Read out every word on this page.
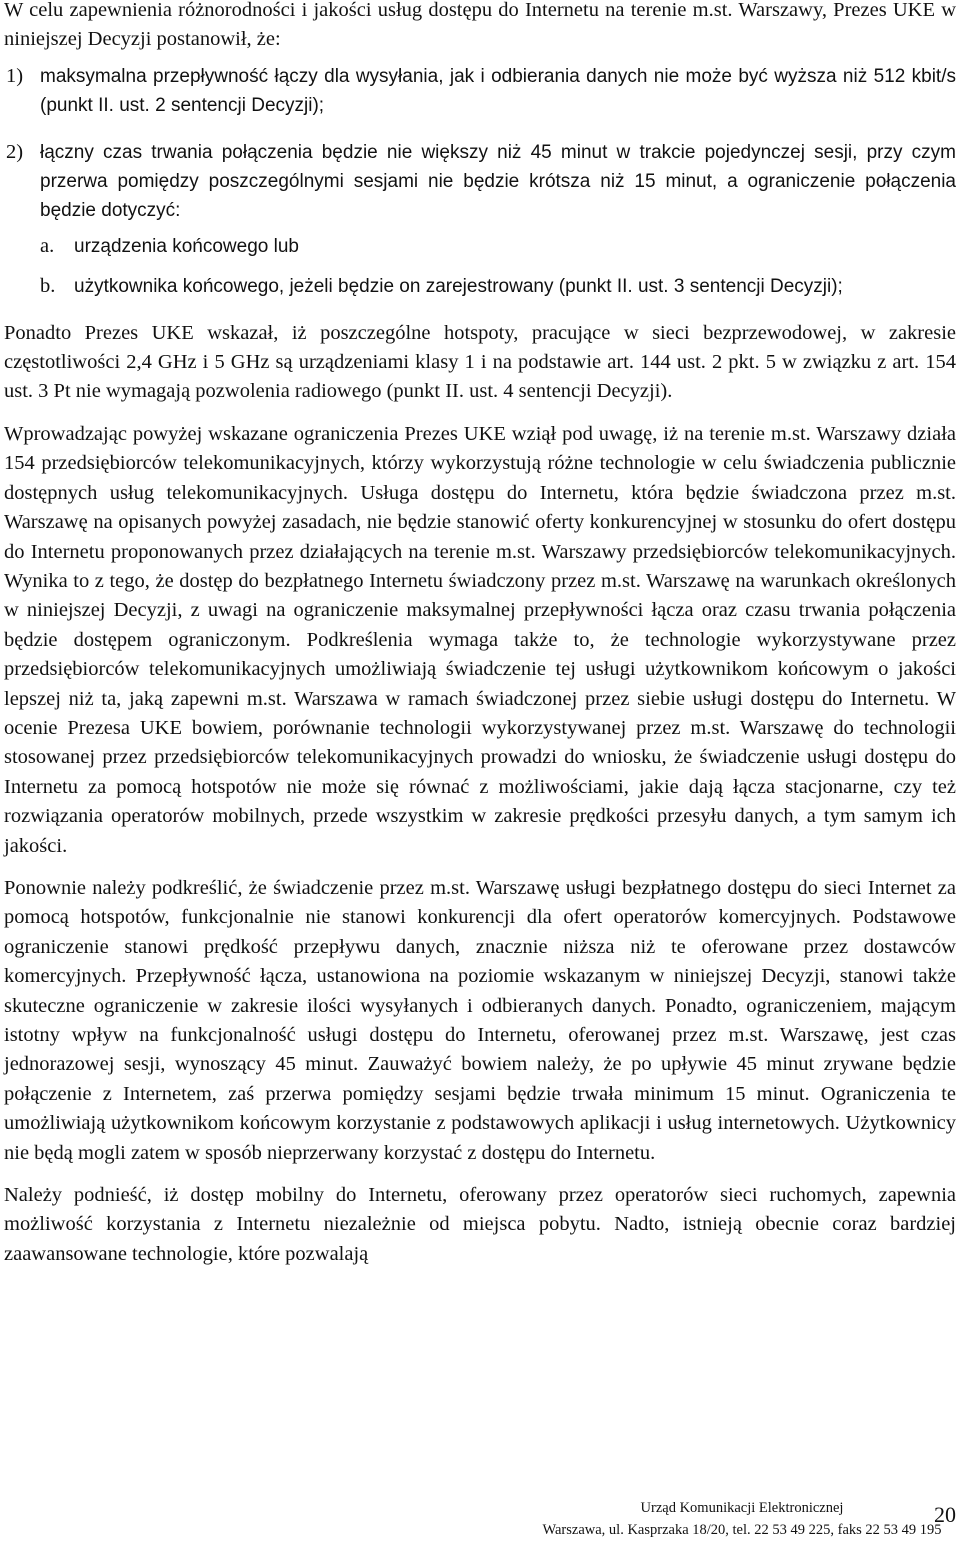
W celu zapewnienia różnorodności i jakości usług dostępu do Internetu na terenie m.st. Warszawy, Prezes UKE w niniejszej Decyzji postanowił, że:

1) maksymalna przepływność łączy dla wysyłania, jak i odbierania danych nie może być wyższa niż 512 kbit/s (punkt II. ust. 2 sentencji Decyzji);
2) łączny czas trwania połączenia będzie nie większy niż 45 minut w trakcie pojedynczej sesji, przy czym przerwa pomiędzy poszczególnymi sesjami nie będzie krótsza niż 15 minut, a ograniczenie połączenia będzie dotyczyć:
a.	urządzenia końcowego lub
b. użytkownika końcowego, jeżeli będzie on zarejestrowany (punkt II. ust. 3 sentencji Decyzji);

Ponadto Prezes UKE wskazał, iż poszczególne hotspoty, pracujące w sieci bezprzewodowej, w zakresie częstotliwości 2,4 GHz i 5 GHz są urządzeniami klasy 1 i na podstawie art. 144 ust. 2 pkt. 5 w związku z art. 154 ust. 3 Pt nie wymagają pozwolenia radiowego (punkt II. ust. 4 sentencji Decyzji).

Wprowadzając powyżej wskazane ograniczenia Prezes UKE wziął pod uwagę, iż na terenie m.st. Warszawy działa 154 przedsiębiorców telekomunikacyjnych, którzy wykorzystują różne technologie w celu świadczenia publicznie dostępnych usług telekomunikacyjnych. Usługa dostępu do Internetu, która będzie świadczona przez m.st. Warszawę na opisanych powyżej zasadach, nie będzie stanowić oferty konkurencyjnej w stosunku do ofert dostępu do Internetu proponowanych przez działających na terenie m.st. Warszawy przedsiębiorców telekomunikacyjnych. Wynika to z tego, że dostęp do bezpłatnego Internetu świadczony przez m.st. Warszawę na warunkach określonych w niniejszej Decyzji, z uwagi na ograniczenie maksymalnej przepływności łącza oraz czasu trwania połączenia będzie dostępem ograniczonym. Podkreślenia wymaga także to, że technologie wykorzystywane przez przedsiębiorców telekomunikacyjnych umożliwiają świadczenie tej usługi użytkownikom końcowym o jakości lepszej niż ta, jaką zapewni m.st. Warszawa w ramach świadczonej przez siebie usługi dostępu do Internetu. W ocenie Prezesa UKE bowiem, porównanie technologii wykorzystywanej przez m.st. Warszawę do technologii stosowanej przez przedsiębiorców telekomunikacyjnych prowadzi do wniosku, że świadczenie usługi dostępu do Internetu za pomocą hotspotów nie może się równać z możliwościami, jakie dają łącza stacjonarne, czy też rozwiązania operatorów mobilnych, przede wszystkim w zakresie prędkości przesyłu danych, a tym samym ich jakości.

Ponownie należy podkreślić, że świadczenie przez m.st. Warszawę usługi bezpłatnego dostępu do sieci Internet za pomocą hotspotów, funkcjonalnie nie stanowi konkurencji dla ofert operatorów komercyjnych. Podstawowe ograniczenie stanowi prędkość przepływu danych, znacznie niższa niż te oferowane przez dostawców komercyjnych. Przepływność łącza, ustanowiona na poziomie wskazanym w niniejszej Decyzji, stanowi także skuteczne ograniczenie w zakresie ilości wysyłanych i odbieranych danych. Ponadto, ograniczeniem, mającym istotny wpływ na funkcjonalność usługi dostępu do Internetu, oferowanej przez m.st. Warszawę, jest czas jednorazowej sesji, wynoszący 45 minut. Zauważyć bowiem należy, że po upływie 45 minut zrywane będzie połączenie z Internetem, zaś przerwa pomiędzy sesjami będzie trwała minimum 15 minut. Ograniczenia te umożliwiają użytkownikom końcowym korzystanie z podstawowych aplikacji i usług internetowych. Użytkownicy nie będą mogli zatem w sposób nieprzerwany korzystać z dostępu do Internetu.

Należy podnieść, iż dostęp mobilny do Internetu, oferowany przez operatorów sieci ruchomych, zapewnia możliwość korzystania z Internetu niezależnie od miejsca pobytu. Nadto, istnieją obecnie coraz bardziej zaawansowane technologie, które pozwalają

Urząd Komunikacji Elektronicznej
Warszawa, ul. Kasprzaka 18/20, tel. 22 53 49 225, faks 22 53 49 195
20
